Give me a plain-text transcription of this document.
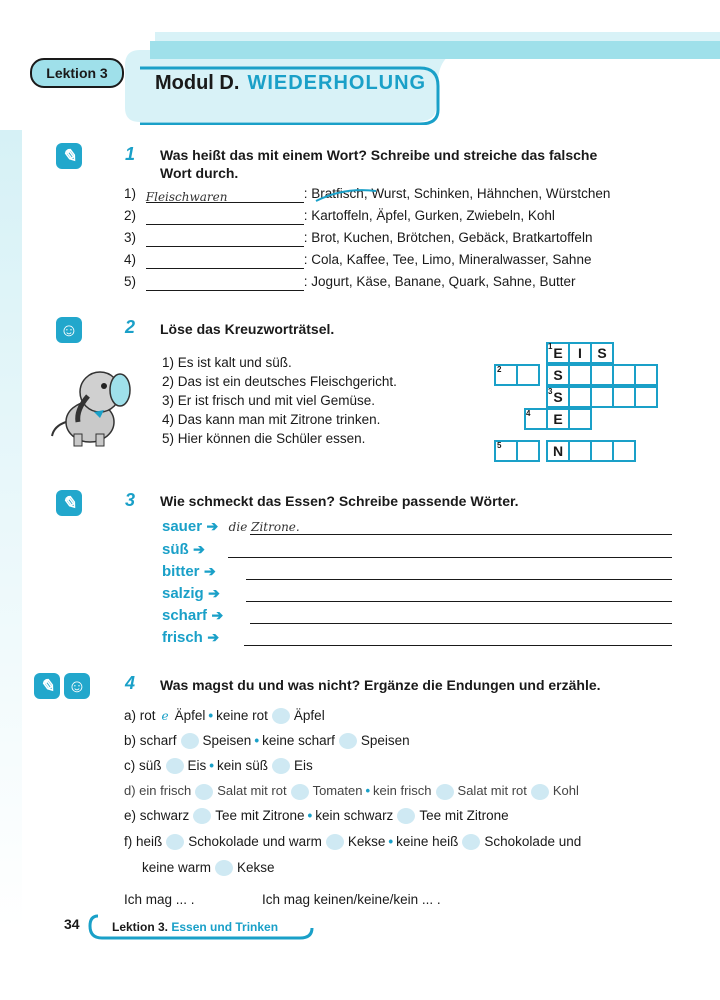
Lektion 3	Modul D. WIEDERHOLUNG
✎	1	Was heißt das mit einem Wort? Schreibe und streiche das falsche
Wort durch.
1) Fleischwaren	: Bratfisch, Wurst, Schinken, Hähnchen, Würstchen
2)	: Kartoffeln, Äpfel, Gurken, Zwiebeln, Kohl
3)	: Brot, Kuchen, Brötchen, Gebäck, Bratkartoffeln
4)	: Cola, Kaffee, Tee, Limo, Mineralwasser, Sahne
5)	: Jogurt, Käse, Banane, Quark, Sahne, Butter
☺	2	Löse das Kreuzworträtsel.
1) Es ist kalt und süß.
2) Das ist ein deutsches Fleischgericht.
3) Er ist frisch und mit viel Gemüse.
4) Das kann man mit Zitrone trinken.
5) Hier können die Schüler essen.
E	I	S
1
S
2
S
3
E
4
N
5
✎	3	Wie schmeckt das Essen? Schreibe passende Wörter.
sauer ➔ die Zitrone.
süß ➔
bitter ➔
salzig ➔
scharf ➔
frisch ➔
✎ ☺ 4	Was magst du und was nicht? Ergänze die Endungen und erzähle.
a) rot e Äpfel • keine rot Äpfel
b) scharf Speisen • keine scharf Speisen
c) süß Eis • kein süß Eis
d) ein frisch Salat mit rot Tomaten • kein frisch Salat mit rot Kohl
e) schwarz Tee mit Zitrone • kein schwarz Tee mit Zitrone
f) heiß Schokolade und warm Kekse • keine heiß Schokolade und
keine warm Kekse
Ich mag ... .	Ich mag keinen/keine/kein ... .
34	Lektion 3. Essen und Trinken
